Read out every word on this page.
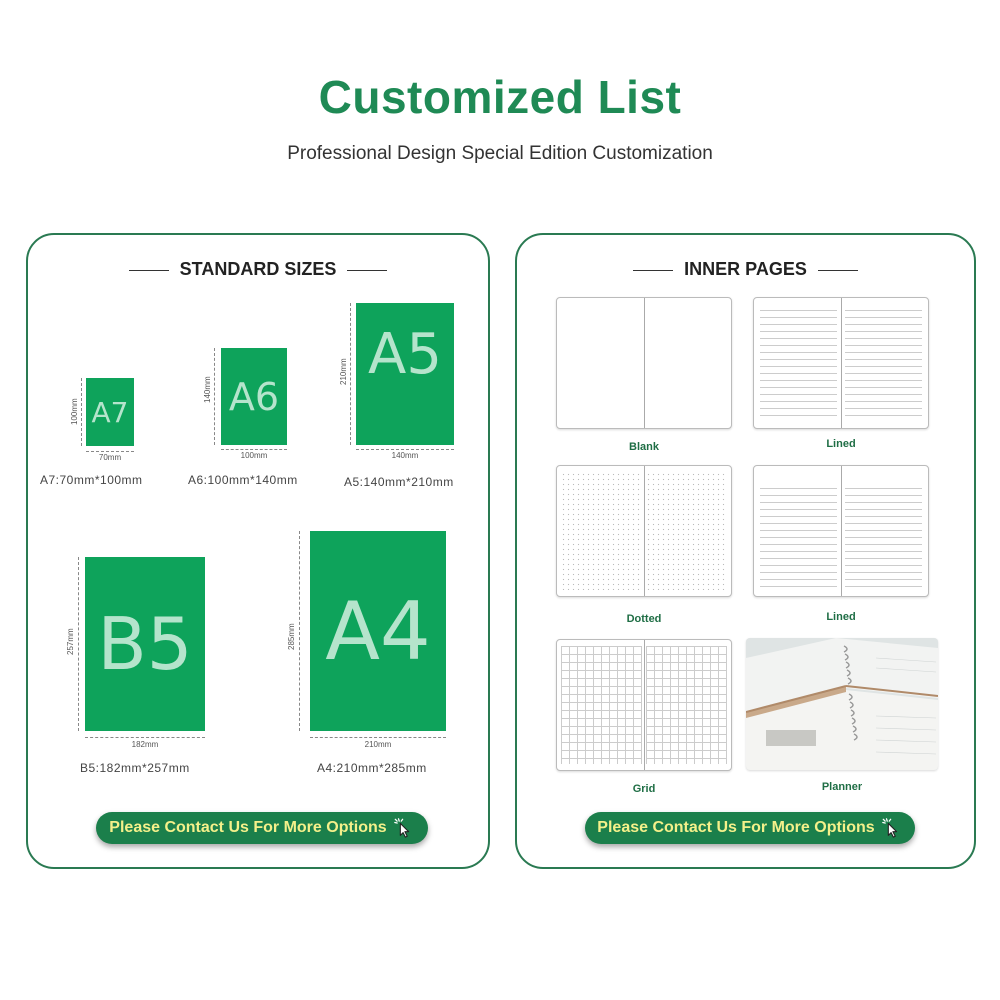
Customized List

Professional Design Special Edition Customization

STANDARD SIZES
100mm A7
70mm
A7:70mm*100mm
140mm A6
100mm
A6:100mm*140mm
210mm A5
140mm
A5:140mm*210mm
257mm B5
182mm
B5:182mm*257mm
285mm A4
210mm
A4:210mm*285mm
Please Contact Us For More Options
INNER PAGES
Blank	Lined
Dotted	Lined
Grid	Planner
Please Contact Us For More Options
